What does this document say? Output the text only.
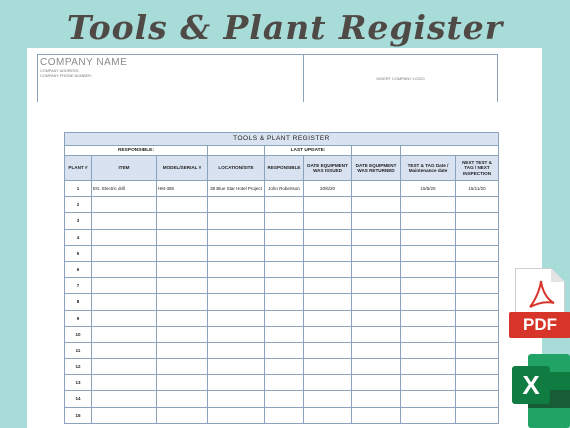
Tools & Plant Register
COMPANY NAME
COMPANY ADDRESS:
COMPANY PHONE NUMBER:	INSERT COMPANY LOGO
TOOLS & PLANT REGISTER								
RESPONSIBLE:				LAST UPDATE:				
PLANT #	ITEM	MODEL/SERIAL #	LOCATION/SITE	RESPONSIBLE	DATE EQUIPMENT WAS ISSUED	DATE EQUIPMENT WAS RETURNED	TEST & TAG Date / Maintenance date	NEXT TEST & TAG / NEXT INSPECTION
1	EG. Electric drill	HM-385	38 Blue Star Hotel Project	John Robertson	20/6/20		15/5/20	15/11/20
2								
3								
4								
5								
6								
7								
8								
9								
10								
11								
12								
13								
14								
15								
PDF
X
